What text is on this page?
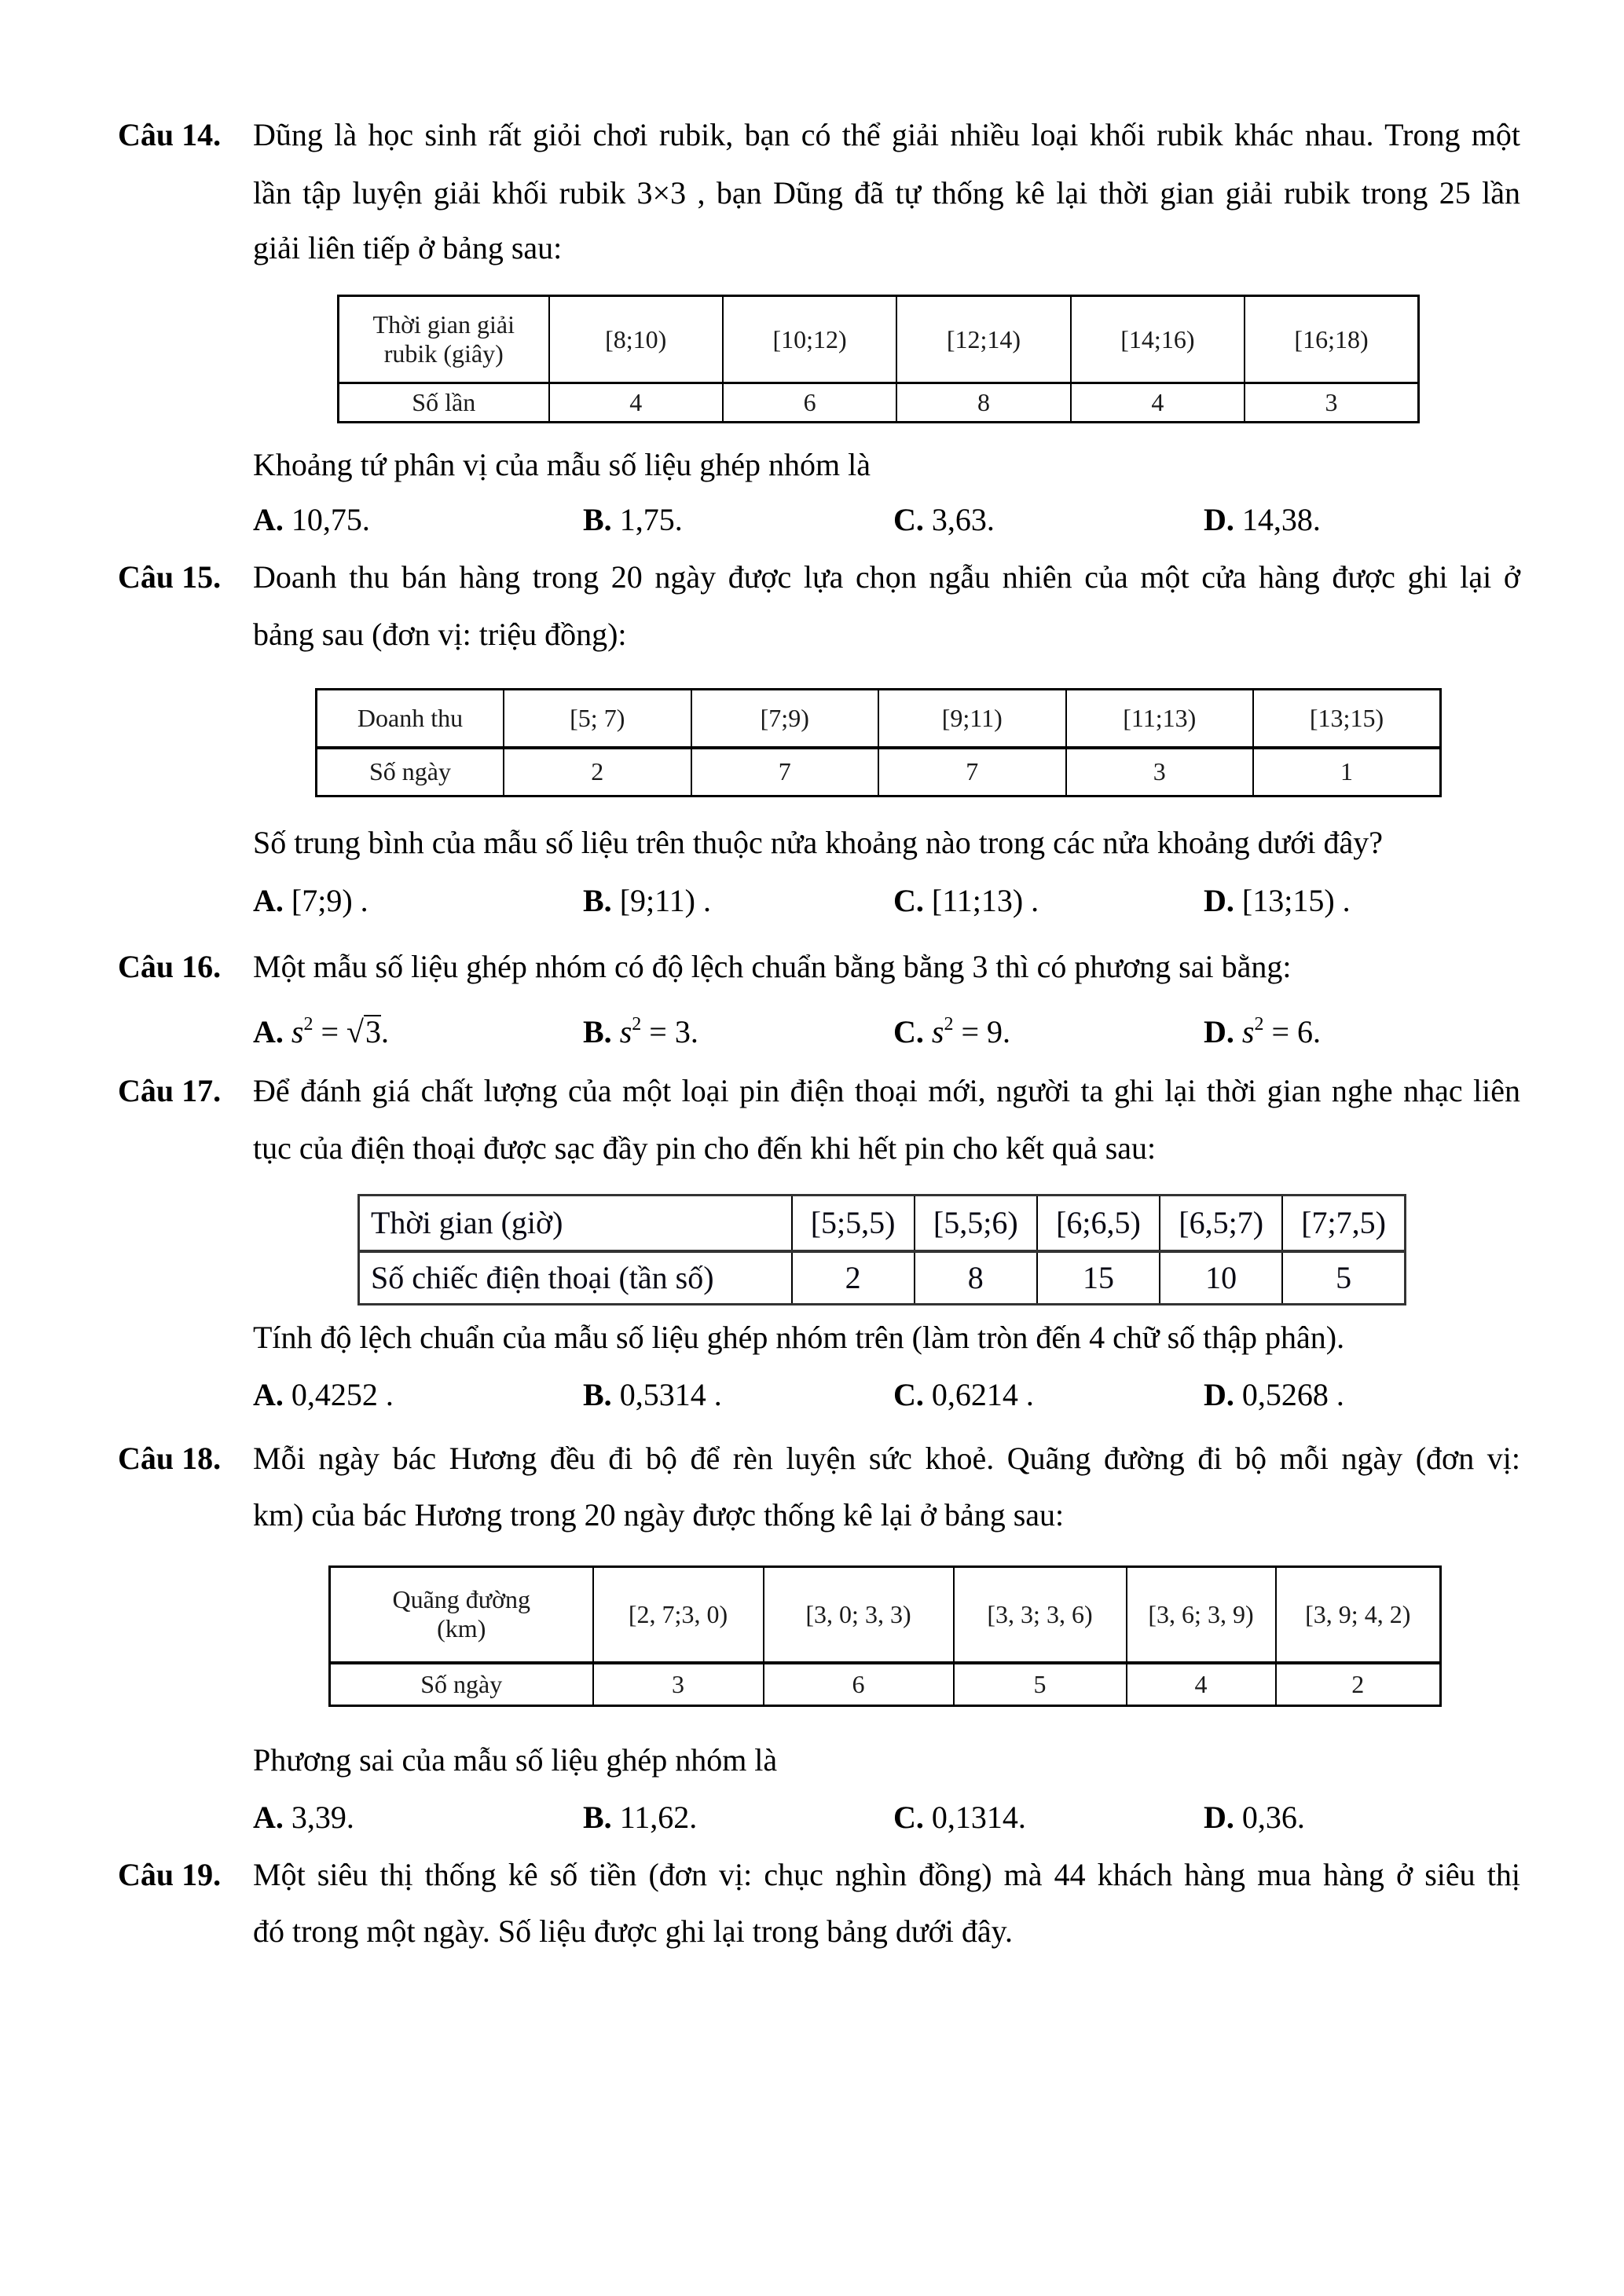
Câu 14. Dũng là học sinh rất giỏi chơi rubik, bạn có thể giải nhiều loại khối rubik khác nhau. Trong một
lần tập luyện giải khối rubik 3×3 , bạn Dũng đã tự thống kê lại thời gian giải rubik trong 25 lần
giải liên tiếp ở bảng sau:
Thời gian giải
rubik (giây)	[8;10)	[10;12)	[12;14)	[14;16)	[16;18)
Số lần	4	6	8	4	3
Khoảng tứ phân vị của mẫu số liệu ghép nhóm là
A. 10,75.	B. 1,75.	C. 3,63.	D. 14,38.
Câu 15. Doanh thu bán hàng trong 20 ngày được lựa chọn ngẫu nhiên của một cửa hàng được ghi lại ở
bảng sau (đơn vị: triệu đồng):
Doanh thu	[5; 7)	[7;9)	[9;11)	[11;13)	[13;15)
Số ngày	2	7	7	3	1
Số trung bình của mẫu số liệu trên thuộc nửa khoảng nào trong các nửa khoảng dưới đây?
A. [7;9) .	B. [9;11) .	C. [11;13) .	D. [13;15) .
Câu 16. Một mẫu số liệu ghép nhóm có độ lệch chuẩn bằng bằng 3 thì có phương sai bằng:
A. $s^2 = √3$.	B. $s^2 = 3$.	C. $s^2 = 9$.	D. $s^2 = 6$.
Câu 17. Để đánh giá chất lượng của một loại pin điện thoại mới, người ta ghi lại thời gian nghe nhạc liên
tục của điện thoại được sạc đầy pin cho đến khi hết pin cho kết quả sau:
Thời gian (giờ)	[5;5,5)	[5,5;6)	[6;6,5)	[6,5;7)	[7;7,5)
Số chiếc điện thoại (tần số)	2	8	15	10	5
Tính độ lệch chuẩn của mẫu số liệu ghép nhóm trên (làm tròn đến 4 chữ số thập phân).
A. 0,4252 .	B. 0,5314 .	C. 0,6214 .	D. 0,5268 .
Câu 18. Mỗi ngày bác Hương đều đi bộ để rèn luyện sức khoẻ. Quãng đường đi bộ mỗi ngày (đơn vị:
km) của bác Hương trong 20 ngày được thống kê lại ở bảng sau:
Quãng đường
(km)	[2, 7;3, 0)	[3, 0; 3, 3)	[3, 3; 3, 6)	[3, 6; 3, 9)	[3, 9; 4, 2)
Số ngày	3	6	5	4	2
Phương sai của mẫu số liệu ghép nhóm là
A. 3,39.	B. 11,62.	C. 0,1314.	D. 0,36.
Câu 19. Một siêu thị thống kê số tiền (đơn vị: chục nghìn đồng) mà 44 khách hàng mua hàng ở siêu thị
đó trong một ngày. Số liệu được ghi lại trong bảng dưới đây.
